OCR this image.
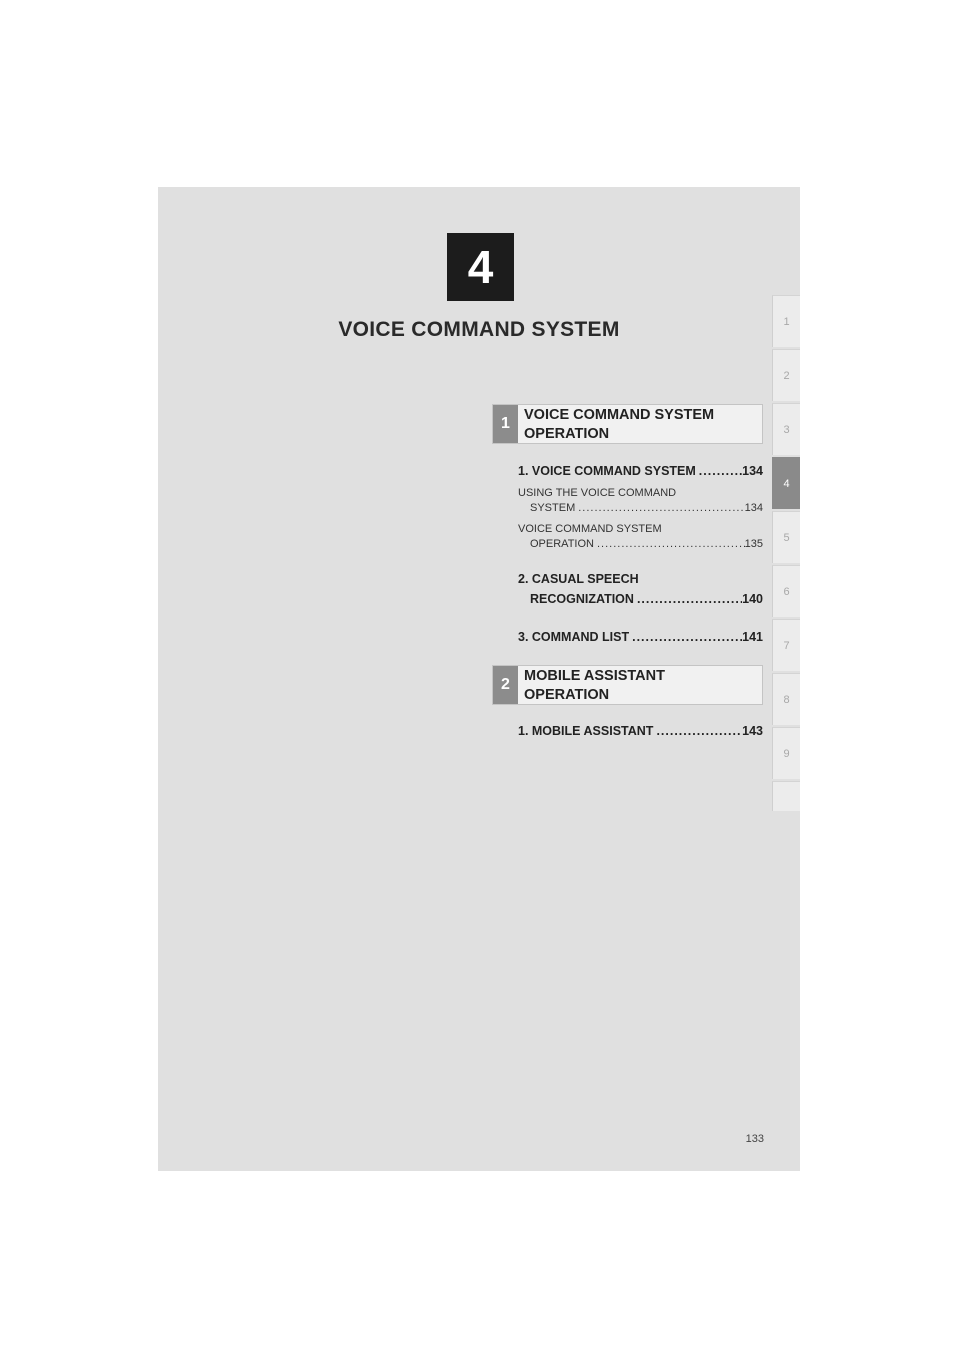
4
VOICE COMMAND SYSTEM	1
2
3
4
5
6
7
8
9
1 VOICE COMMAND SYSTEM
OPERATION
1. VOICE COMMAND SYSTEM .....	134
USING THE VOICE COMMAND
SYSTEM .....	134
VOICE COMMAND SYSTEM
OPERATION .....	135
2. CASUAL SPEECH
RECOGNIZATION .....	140
3. COMMAND LIST .....	141
2 MOBILE ASSISTANT
OPERATION
1. MOBILE ASSISTANT .....	143
133
